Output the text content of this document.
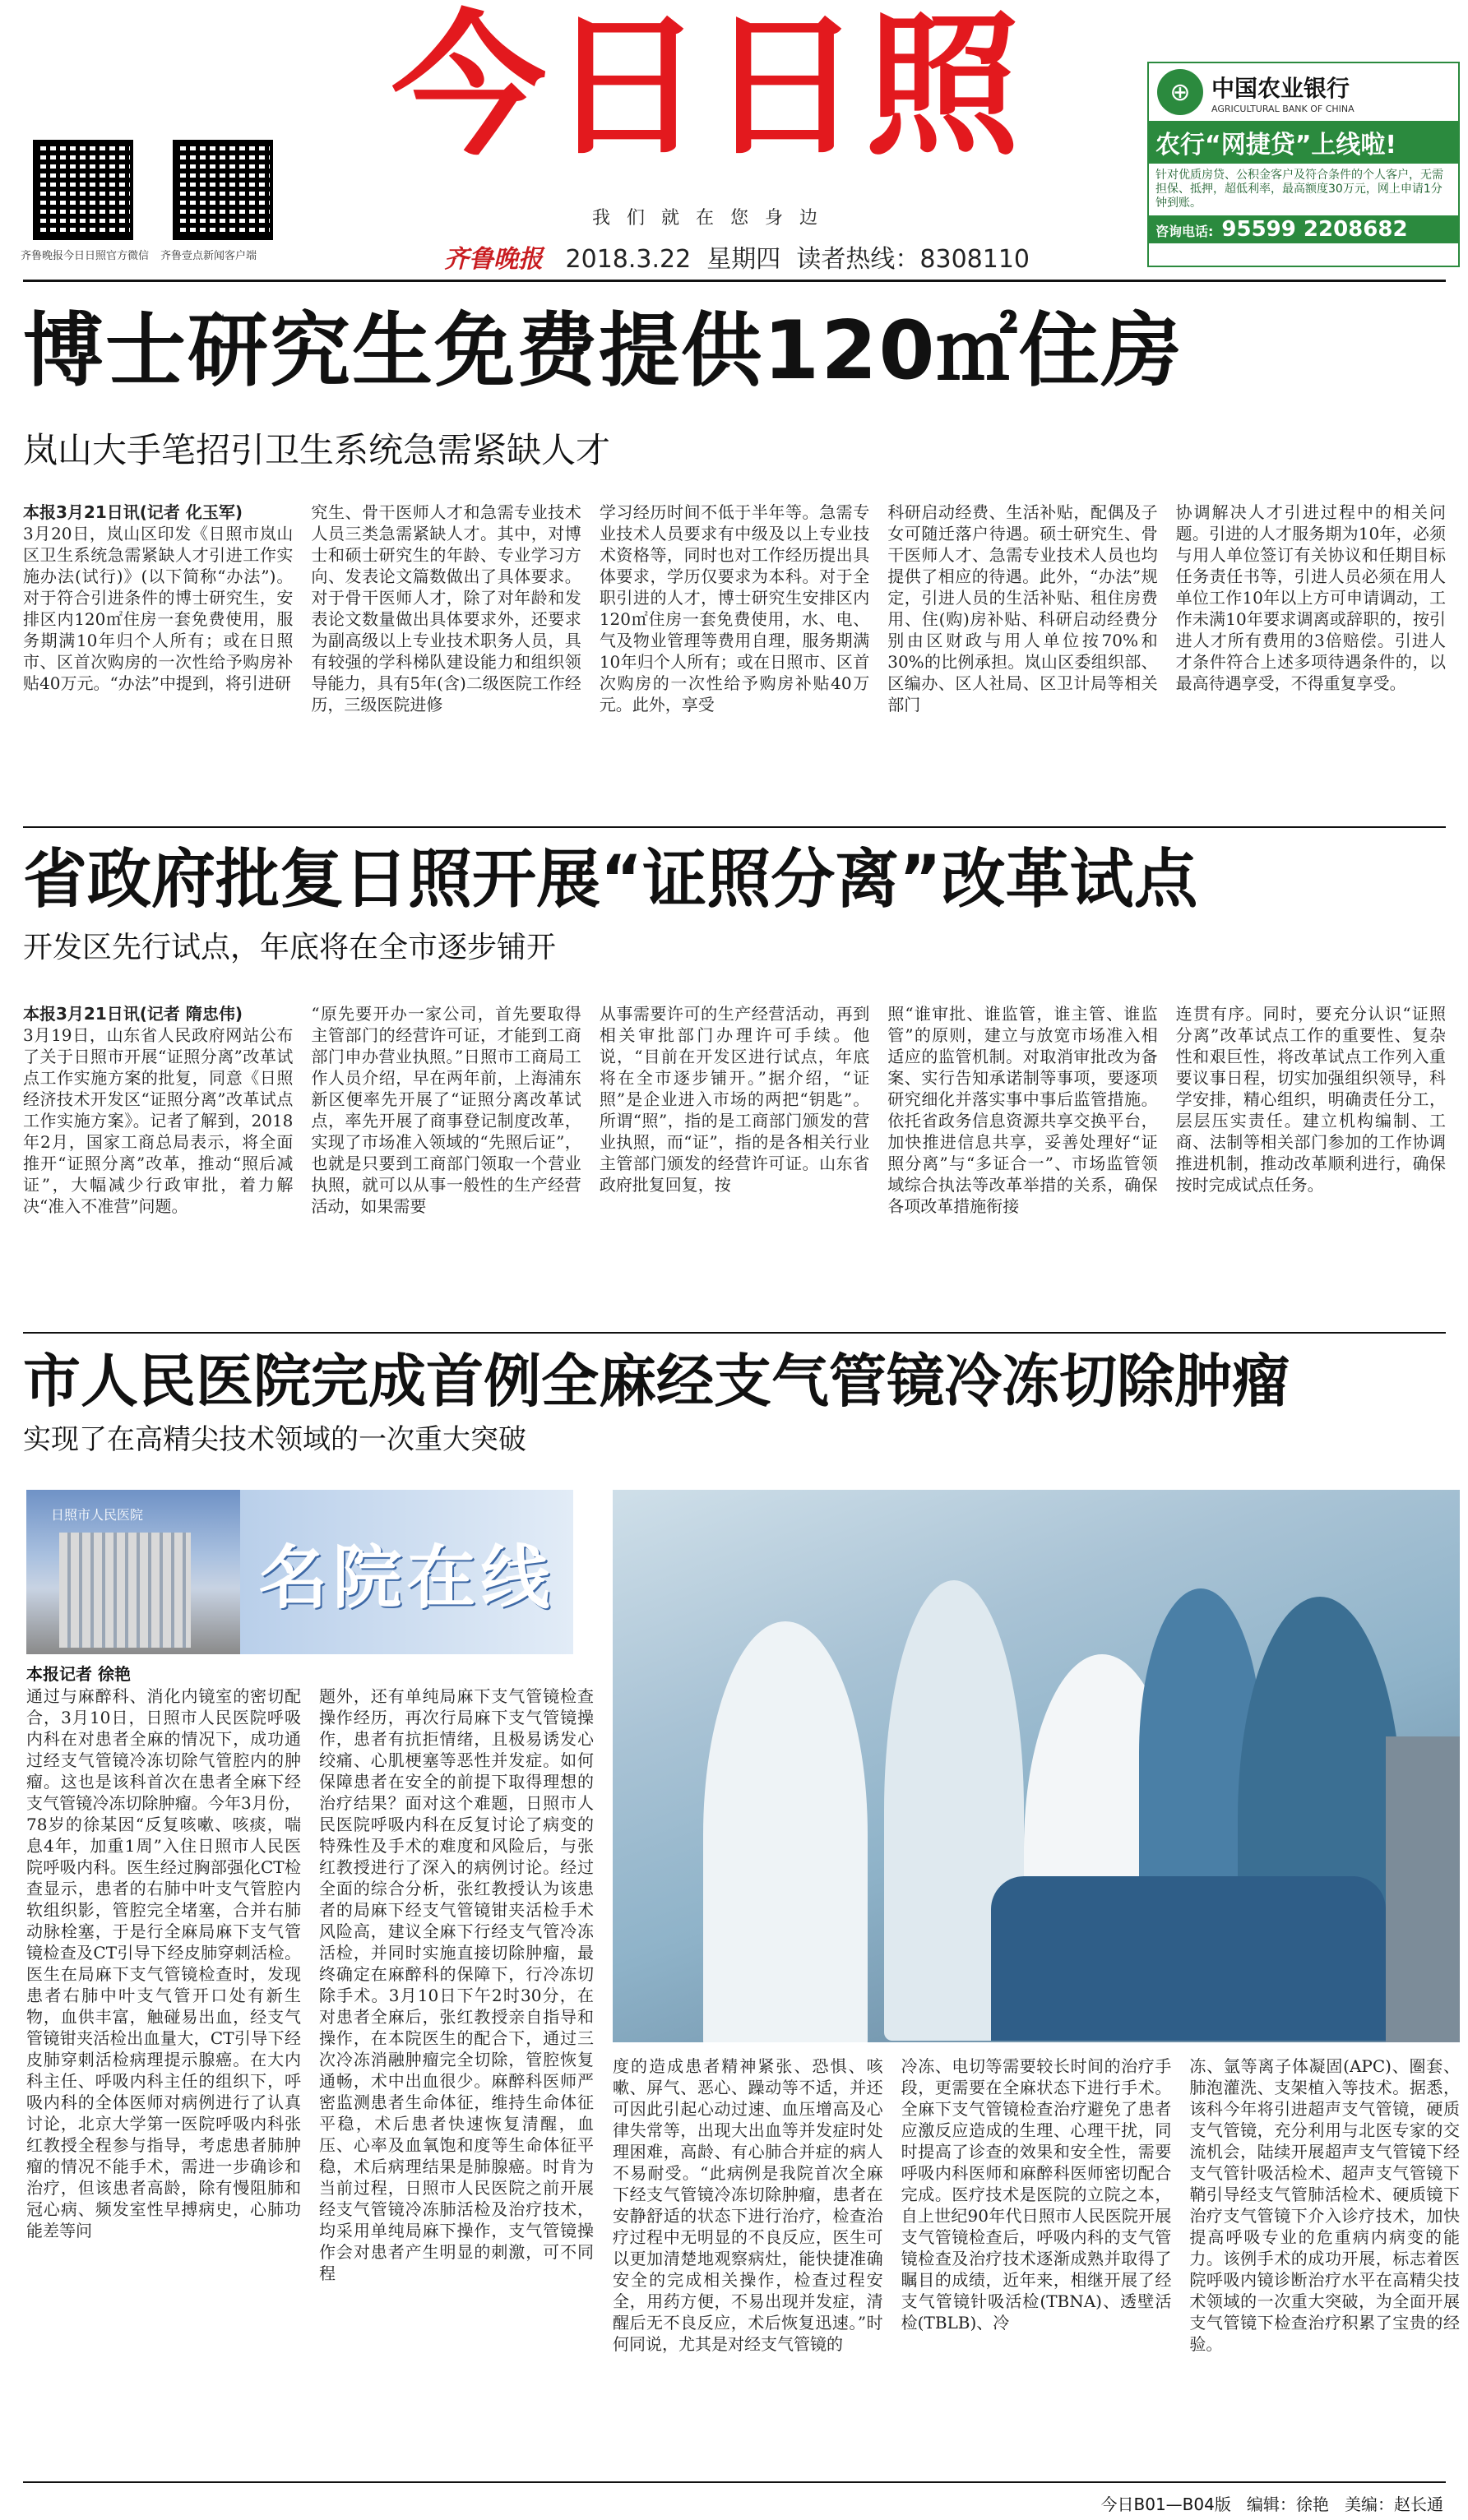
齐鲁晚报今日日照官方微信	齐鲁壹点新闻客户端
今日日照
我们就在您身边
齐鲁晚报 2018.3.22 星期四 读者热线：8308110
⊕ 中国农业银行
AGRICULTURAL BANK OF CHINA
农行“网捷贷”上线啦!
针对优质房贷、公积金客户及符合条件的个人客户，无需担保、抵押，超低利率，最高额度30万元，网上申请1分钟到账。
咨询电话: 95599 2208682
博士研究生免费提供120㎡住房
岚山大手笔招引卫生系统急需紧缺人才
本报3月21日讯(记者 化玉军)
3月20日，岚山区印发《日照市岚山区卫生系统急需紧缺人才引进工作实施办法(试行)》(以下简称“办法”)。对于符合引进条件的博士研究生，安排区内120㎡住房一套免费使用，服务期满10年归个人所有；或在日照市、区首次购房的一次性给予购房补贴40万元。“办法”中提到，将引进研
究生、骨干医师人才和急需专业技术人员三类急需紧缺人才。其中，对博士和硕士研究生的年龄、专业学习方向、发表论文篇数做出了具体要求。对于骨干医师人才，除了对年龄和发表论文数量做出具体要求外，还要求为副高级以上专业技术职务人员，具有较强的学科梯队建设能力和组织领导能力，具有5年(含)二级医院工作经历，三级医院进修
学习经历时间不低于半年等。急需专业技术人员要求有中级及以上专业技术资格等，同时也对工作经历提出具体要求，学历仅要求为本科。对于全职引进的人才，博士研究生安排区内120㎡住房一套免费使用，水、电、气及物业管理等费用自理，服务期满10年归个人所有；或在日照市、区首次购房的一次性给予购房补贴40万元。此外，享受
科研启动经费、生活补贴，配偶及子女可随迁落户待遇。硕士研究生、骨干医师人才、急需专业技术人员也均提供了相应的待遇。此外，“办法”规定，引进人员的生活补贴、租住房费用、住(购)房补贴、科研启动经费分别由区财政与用人单位按70%和30%的比例承担。岚山区委组织部、区编办、区人社局、区卫计局等相关部门
协调解决人才引进过程中的相关问题。引进的人才服务期为10年，必须与用人单位签订有关协议和任期目标任务责任书等，引进人员必须在用人单位工作10年以上方可申请调动，工作未满10年要求调离或辞职的，按引进人才所有费用的3倍赔偿。引进人才条件符合上述多项待遇条件的，以最高待遇享受，不得重复享受。
省政府批复日照开展“证照分离”改革试点
开发区先行试点，年底将在全市逐步铺开
本报3月21日讯(记者 隋忠伟)
3月19日，山东省人民政府网站公布了关于日照市开展“证照分离”改革试点工作实施方案的批复，同意《日照经济技术开发区“证照分离”改革试点工作实施方案》。记者了解到，2018年2月，国家工商总局表示，将全面推开“证照分离”改革，推动“照后减证”，大幅减少行政审批，着力解决“准入不准营”问题。
“原先要开办一家公司，首先要取得主管部门的经营许可证，才能到工商部门申办营业执照。”日照市工商局工作人员介绍，早在两年前，上海浦东新区便率先开展了“证照分离改革试点，率先开展了商事登记制度改革，实现了市场准入领域的“先照后证”，也就是只要到工商部门领取一个营业执照，就可以从事一般性的生产经营活动，如果需要
从事需要许可的生产经营活动，再到相关审批部门办理许可手续。他说，“目前在开发区进行试点，年底将在全市逐步铺开。”据介绍，“证照”是企业进入市场的两把“钥匙”。所谓“照”，指的是工商部门颁发的营业执照，而“证”，指的是各相关行业主管部门颁发的经营许可证。山东省政府批复回复，按
照“谁审批、谁监管，谁主管、谁监管”的原则，建立与放宽市场准入相适应的监管机制。对取消审批改为备案、实行告知承诺制等事项，要逐项研究细化并落实事中事后监管措施。依托省政务信息资源共享交换平台，加快推进信息共享，妥善处理好“证照分离”与“多证合一”、市场监管领域综合执法等改革举措的关系，确保各项改革措施衔接
连贯有序。同时，要充分认识“证照分离”改革试点工作的重要性、复杂性和艰巨性，将改革试点工作列入重要议事日程，切实加强组织领导，科学安排，精心组织，明确责任分工，层层压实责任。建立机构编制、工商、法制等相关部门参加的工作协调推进机制，推动改革顺利进行，确保按时完成试点任务。
市人民医院完成首例全麻经支气管镜冷冻切除肿瘤
实现了在高精尖技术领域的一次重大突破
日照市人民医院
名院在线
本报记者 徐艳
通过与麻醉科、消化内镜室的密切配合，3月10日，日照市人民医院呼吸内科在对患者全麻的情况下，成功通过经支气管镜冷冻切除气管腔内的肿瘤。这也是该科首次在患者全麻下经支气管镜冷冻切除肿瘤。今年3月份，78岁的徐某因“反复咳嗽、咳痰，喘息4年，加重1周”入住日照市人民医院呼吸内科。医生经过胸部强化CT检查显示，患者的右肺中叶支气管腔内软组织影，管腔完全堵塞，合并右肺动脉栓塞，于是行全麻局麻下支气管镜检查及CT引导下经皮肺穿刺活检。医生在局麻下支气管镜检查时，发现患者右肺中叶支气管开口处有新生物，血供丰富，触碰易出血，经支气管镜钳夹活检出血量大，CT引导下经皮肺穿刺活检病理提示腺癌。在大内科主任、呼吸内科主任的组织下，呼吸内科的全体医师对病例进行了认真讨论，北京大学第一医院呼吸内科张红教授全程参与指导，考虑患者肺肿瘤的情况不能手术，需进一步确诊和治疗，但该患者高龄，除有慢阻肺和冠心病、频发室性早搏病史，心肺功能差等问
题外，还有单纯局麻下支气管镜检查操作经历，再次行局麻下支气管镜操作，患者有抗拒情绪，且极易诱发心绞痛、心肌梗塞等恶性并发症。如何保障患者在安全的前提下取得理想的治疗结果？面对这个难题，日照市人民医院呼吸内科在反复讨论了病变的特殊性及手术的难度和风险后，与张红教授进行了深入的病例讨论。经过全面的综合分析，张红教授认为该患者的局麻下经支气管镜钳夹活检手术风险高，建议全麻下行经支气管冷冻活检，并同时实施直接切除肿瘤，最终确定在麻醉科的保障下，行冷冻切除手术。3月10日下午2时30分，在对患者全麻后，张红教授亲自指导和操作，在本院医生的配合下，通过三次冷冻消融肿瘤完全切除，管腔恢复通畅，术中出血很少。麻醉科医师严密监测患者生命体征，维持生命体征平稳，术后患者快速恢复清醒，血压、心率及血氧饱和度等生命体征平稳，术后病理结果是肺腺癌。时肯为当前过程，日照市人民医院之前开展经支气管镜冷冻肺活检及治疗技术，均采用单纯局麻下操作，支气管镜操作会对患者产生明显的刺激，可不同程
度的造成患者精神紧张、恐惧、咳嗽、屏气、恶心、躁动等不适，并还可因此引起心动过速、血压增高及心律失常等，出现大出血等并发症时处理困难，高龄、有心肺合并症的病人不易耐受。“此病例是我院首次全麻下经支气管镜冷冻切除肿瘤，患者在安静舒适的状态下进行治疗，检查治疗过程中无明显的不良反应，医生可以更加清楚地观察病灶，能快捷准确安全的完成相关操作，检查过程安全，用药方便，不易出现并发症，清醒后无不良反应，术后恢复迅速。”时何同说，尤其是对经支气管镜的
冷冻、电切等需要较长时间的治疗手段，更需要在全麻状态下进行手术。全麻下支气管镜检查治疗避免了患者应激反应造成的生理、心理干扰，同时提高了诊查的效果和安全性，需要呼吸内科医师和麻醉科医师密切配合完成。医疗技术是医院的立院之本，自上世纪90年代日照市人民医院开展支气管镜检查后，呼吸内科的支气管镜检查及治疗技术逐渐成熟并取得了瞩目的成绩，近年来，相继开展了经支气管镜针吸活检(TBNA)、透壁活检(TBLB)、冷
冻、氩等离子体凝固(APC)、圈套、肺泡灌洗、支架植入等技术。据悉，该科今年将引进超声支气管镜，硬质支气管镜，充分利用与北医专家的交流机会，陆续开展超声支气管镜下经支气管针吸活检术、超声支气管镜下鞘引导经支气管肺活检术、硬质镜下治疗支气管镜下介入诊疗技术，加快提高呼吸专业的危重病内病变的能力。该例手术的成功开展，标志着医院呼吸内镜诊断治疗水平在高精尖技术领域的一次重大突破，为全面开展支气管镜下检查治疗积累了宝贵的经验。
今日B01—B04版 编辑：徐艳 美编：赵长通
